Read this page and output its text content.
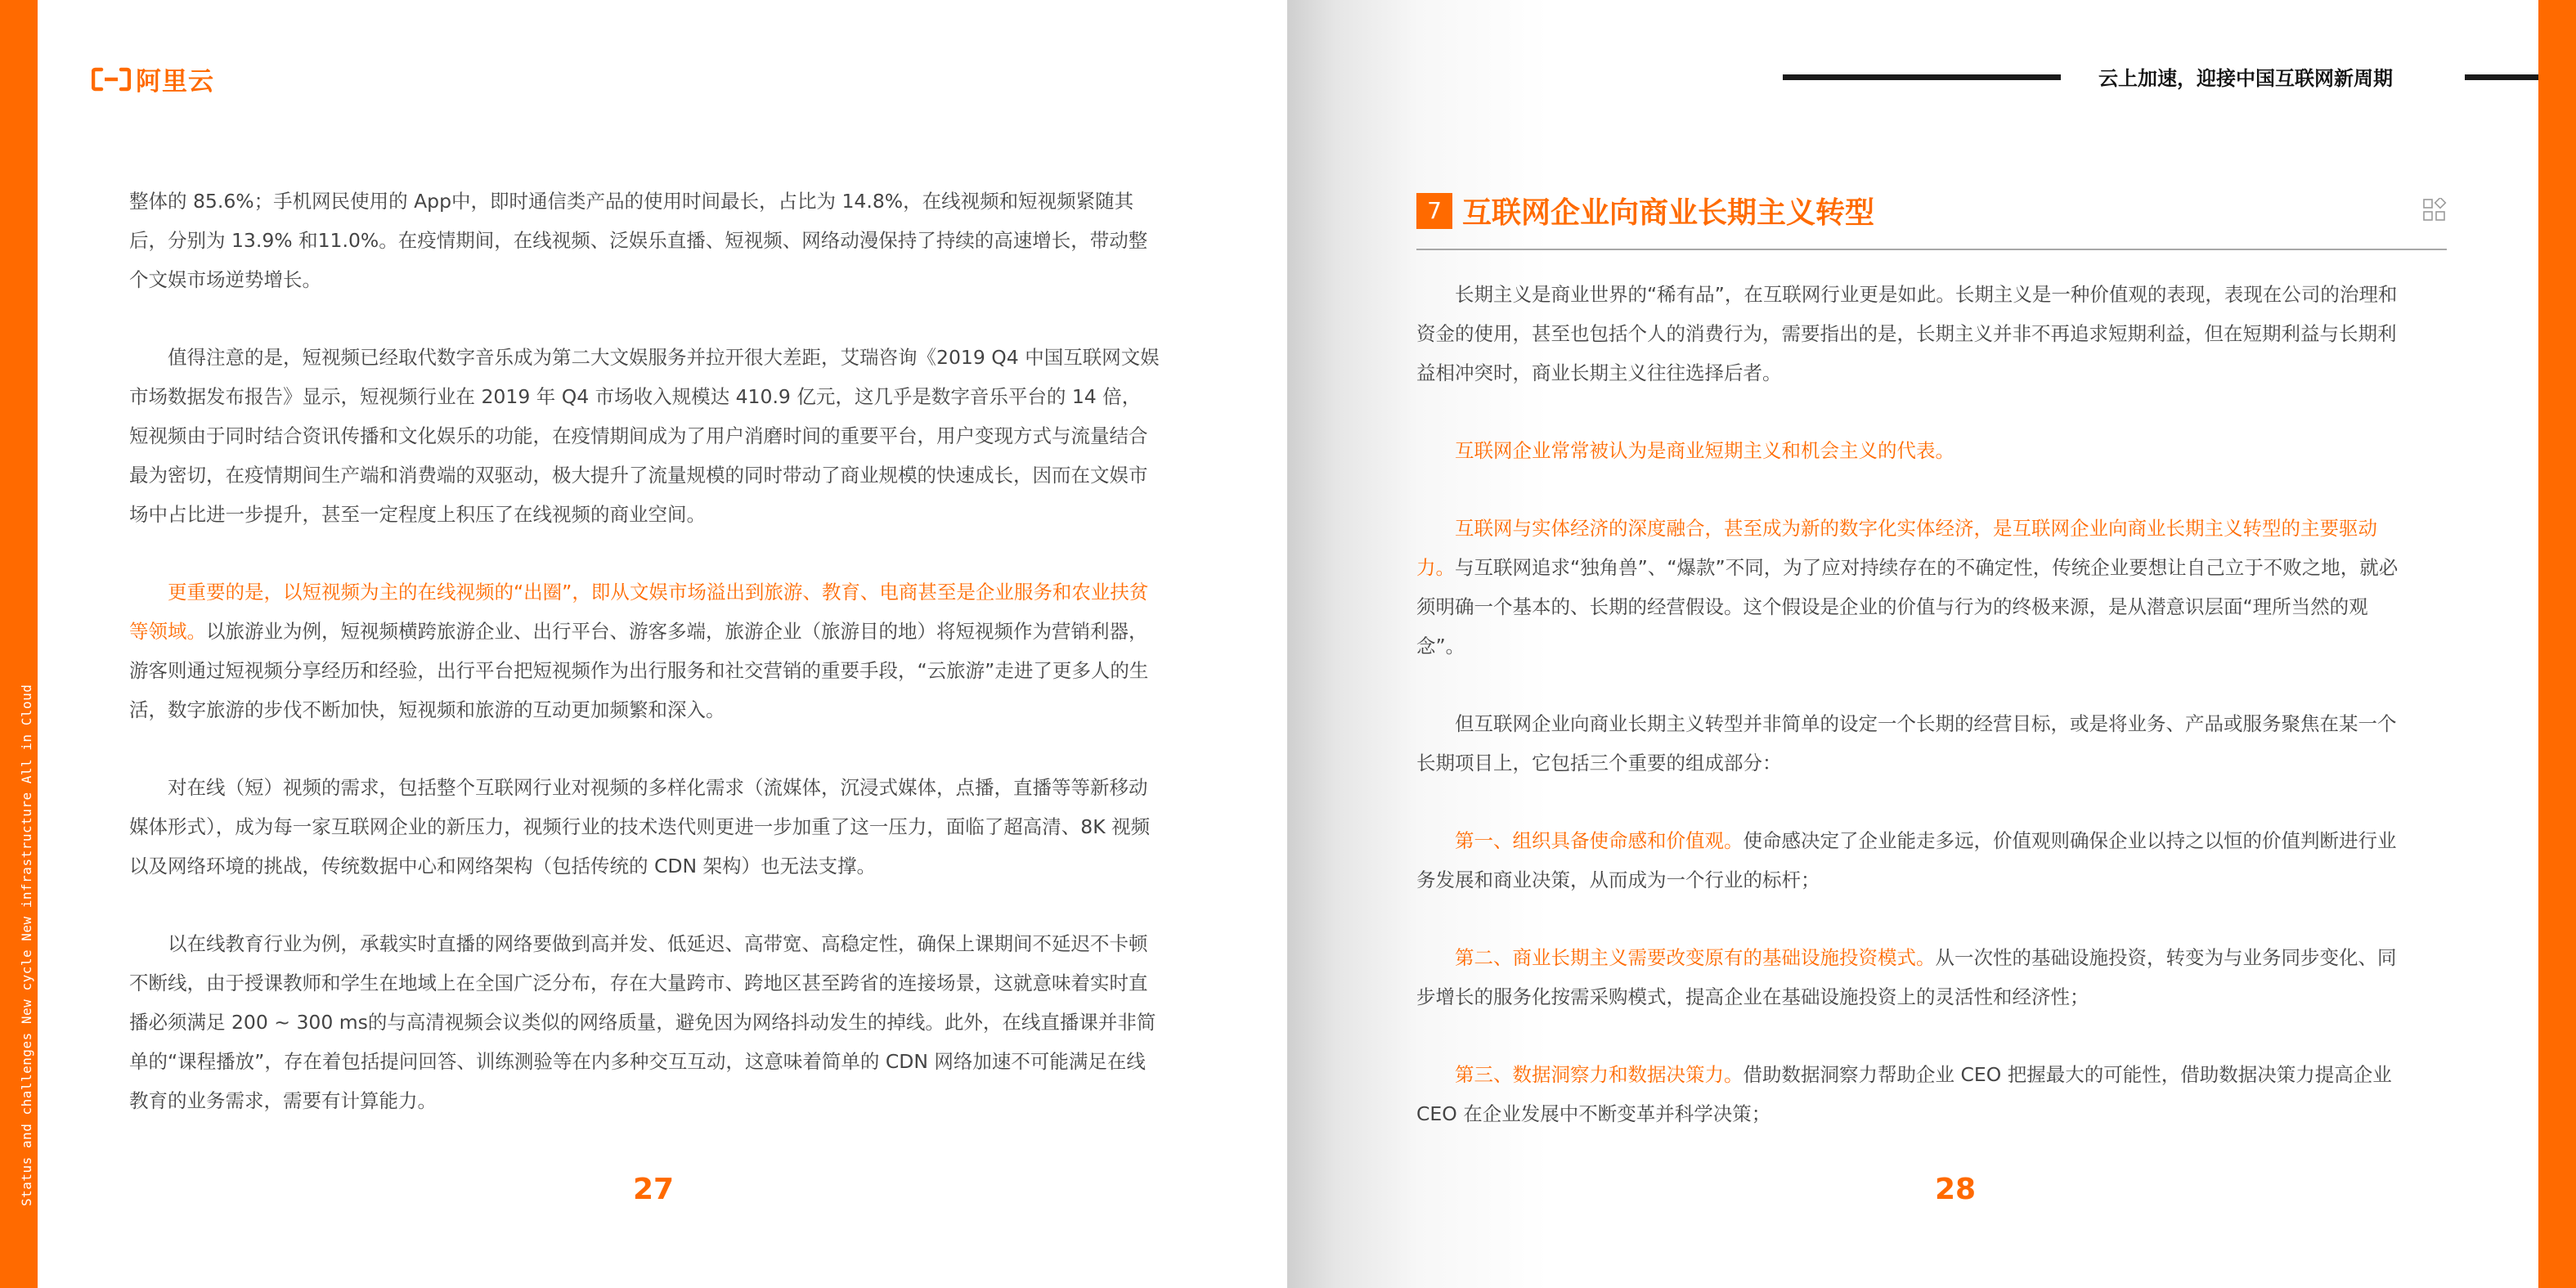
Status and challenges New cycle New infrastructure All in Cloud
阿里云

整体的 85.6%；手机网民使用的 App中，即时通信类产品的使用时间最长，占比为 14.8%，在线视频和短视频紧随其后，分别为 13.9% 和11.0%。在疫情期间，在线视频、泛娱乐直播、短视频、网络动漫保持了持续的高速增长，带动整个文娱市场逆势增长。

值得注意的是，短视频已经取代数字音乐成为第二大文娱服务并拉开很大差距，艾瑞咨询《2019 Q4 中国互联网文娱市场数据发布报告》显示，短视频行业在 2019 年 Q4 市场收入规模达 410.9 亿元，这几乎是数字音乐平台的 14 倍，短视频由于同时结合资讯传播和文化娱乐的功能，在疫情期间成为了用户消磨时间的重要平台，用户变现方式与流量结合最为密切，在疫情期间生产端和消费端的双驱动，极大提升了流量规模的同时带动了商业规模的快速成长，因而在文娱市场中占比进一步提升，甚至一定程度上积压了在线视频的商业空间。

更重要的是，以短视频为主的在线视频的“出圈”，即从文娱市场溢出到旅游、教育、电商甚至是企业服务和农业扶贫等领域。以旅游业为例，短视频横跨旅游企业、出行平台、游客多端，旅游企业（旅游目的地）将短视频作为营销利器，游客则通过短视频分享经历和经验，出行平台把短视频作为出行服务和社交营销的重要手段，“云旅游”走进了更多人的生活，数字旅游的步伐不断加快，短视频和旅游的互动更加频繁和深入。

对在线（短）视频的需求，包括整个互联网行业对视频的多样化需求（流媒体，沉浸式媒体，点播，直播等等新移动媒体形式），成为每一家互联网企业的新压力，视频行业的技术迭代则更进一步加重了这一压力，面临了超高清、8K 视频以及网络环境的挑战，传统数据中心和网络架构（包括传统的 CDN 架构）也无法支撑。

以在线教育行业为例，承载实时直播的网络要做到高并发、低延迟、高带宽、高稳定性，确保上课期间不延迟不卡顿不断线，由于授课教师和学生在地域上在全国广泛分布，存在大量跨市、跨地区甚至跨省的连接场景，这就意味着实时直播必须满足 200 ~ 300 ms的与高清视频会议类似的网络质量，避免因为网络抖动发生的掉线。此外，在线直播课并非简单的“课程播放”，存在着包括提问回答、训练测验等在内多种交互互动，这意味着简单的 CDN 网络加速不可能满足在线教育的业务需求，需要有计算能力。

27
云上加速，迎接中国互联网新周期
7 互联网企业向商业长期主义转型

长期主义是商业世界的“稀有品”，在互联网行业更是如此。长期主义是一种价值观的表现，表现在公司的治理和资金的使用，甚至也包括个人的消费行为，需要指出的是，长期主义并非不再追求短期利益，但在短期利益与长期利益相冲突时，商业长期主义往往选择后者。

互联网企业常常被认为是商业短期主义和机会主义的代表。

互联网与实体经济的深度融合，甚至成为新的数字化实体经济，是互联网企业向商业长期主义转型的主要驱动力。与互联网追求“独角兽”、“爆款”不同，为了应对持续存在的不确定性，传统企业要想让自己立于不败之地，就必须明确一个基本的、长期的经营假设。这个假设是企业的价值与行为的终极来源，是从潜意识层面“理所当然的观念”。

但互联网企业向商业长期主义转型并非简单的设定一个长期的经营目标，或是将业务、产品或服务聚焦在某一个长期项目上，它包括三个重要的组成部分：

第一、组织具备使命感和价值观。使命感决定了企业能走多远，价值观则确保企业以持之以恒的价值判断进行业务发展和商业决策，从而成为一个行业的标杆；

第二、商业长期主义需要改变原有的基础设施投资模式。从一次性的基础设施投资，转变为与业务同步变化、同步增长的服务化按需采购模式，提高企业在基础设施投资上的灵活性和经济性；

第三、数据洞察力和数据决策力。借助数据洞察力帮助企业 CEO 把握最大的可能性，借助数据决策力提高企业 CEO 在企业发展中不断变革并科学决策；

28
